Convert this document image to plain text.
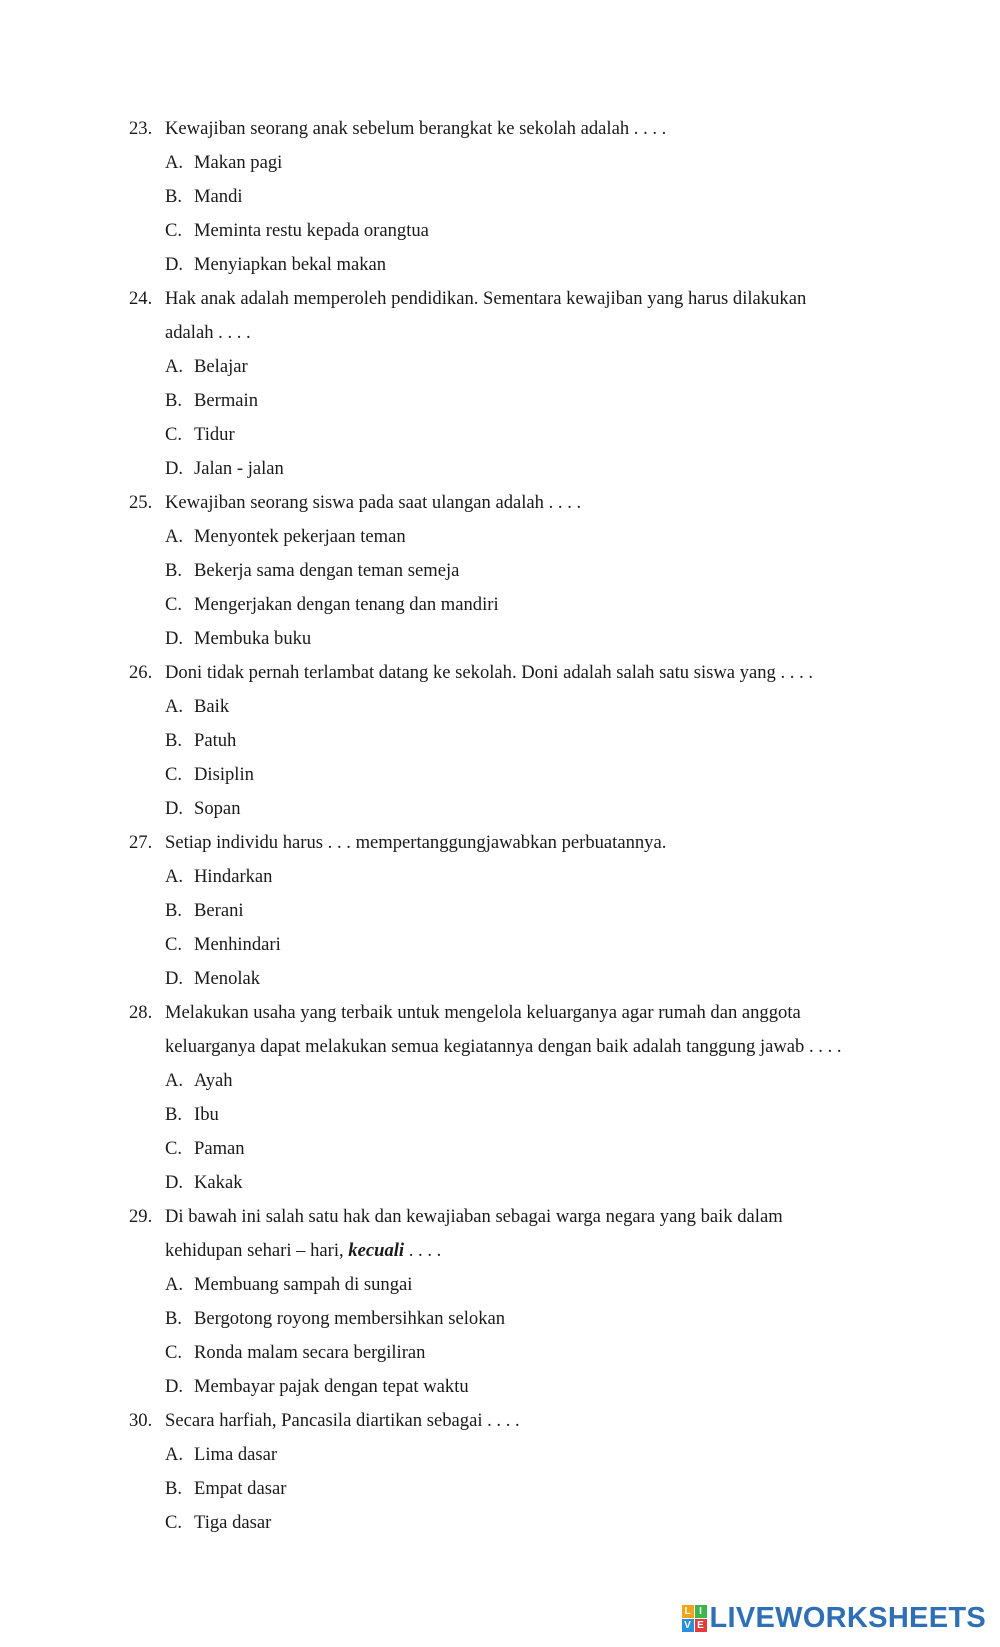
23. Kewajiban seorang anak sebelum berangkat ke sekolah adalah . . . .
A. Makan pagi
B. Mandi
C. Meminta restu kepada orangtua
D. Menyiapkan bekal makan
24. Hak anak adalah memperoleh pendidikan. Sementara kewajiban yang harus dilakukan
adalah . . . .
A. Belajar
B. Bermain
C. Tidur
D. Jalan - jalan
25. Kewajiban seorang siswa pada saat ulangan adalah . . . .
A. Menyontek pekerjaan teman
B. Bekerja sama dengan teman semeja
C. Mengerjakan dengan tenang dan mandiri
D. Membuka buku
26. Doni tidak pernah terlambat datang ke sekolah. Doni adalah salah satu siswa yang . . . .
A. Baik
B. Patuh
C. Disiplin
D. Sopan
27. Setiap individu harus . . . mempertanggungjawabkan perbuatannya.
A. Hindarkan
B. Berani
C. Menhindari
D. Menolak
28. Melakukan usaha yang terbaik untuk mengelola keluarganya agar rumah dan anggota
keluarganya dapat melakukan semua kegiatannya dengan baik adalah tanggung jawab . . . .
A. Ayah
B. Ibu
C. Paman
D. Kakak
29. Di bawah ini salah satu hak dan kewajiaban sebagai warga negara yang baik dalam
kehidupan sehari – hari, kecuali . . . .
A. Membuang sampah di sungai
B. Bergotong royong membersihkan selokan
C. Ronda malam secara bergiliran
D. Membayar pajak dengan tepat waktu
30. Secara harfiah, Pancasila diartikan sebagai . . . .
A. Lima dasar
B. Empat dasar
C. Tiga dasar
L I
V E LIVEWORKSHEETS
